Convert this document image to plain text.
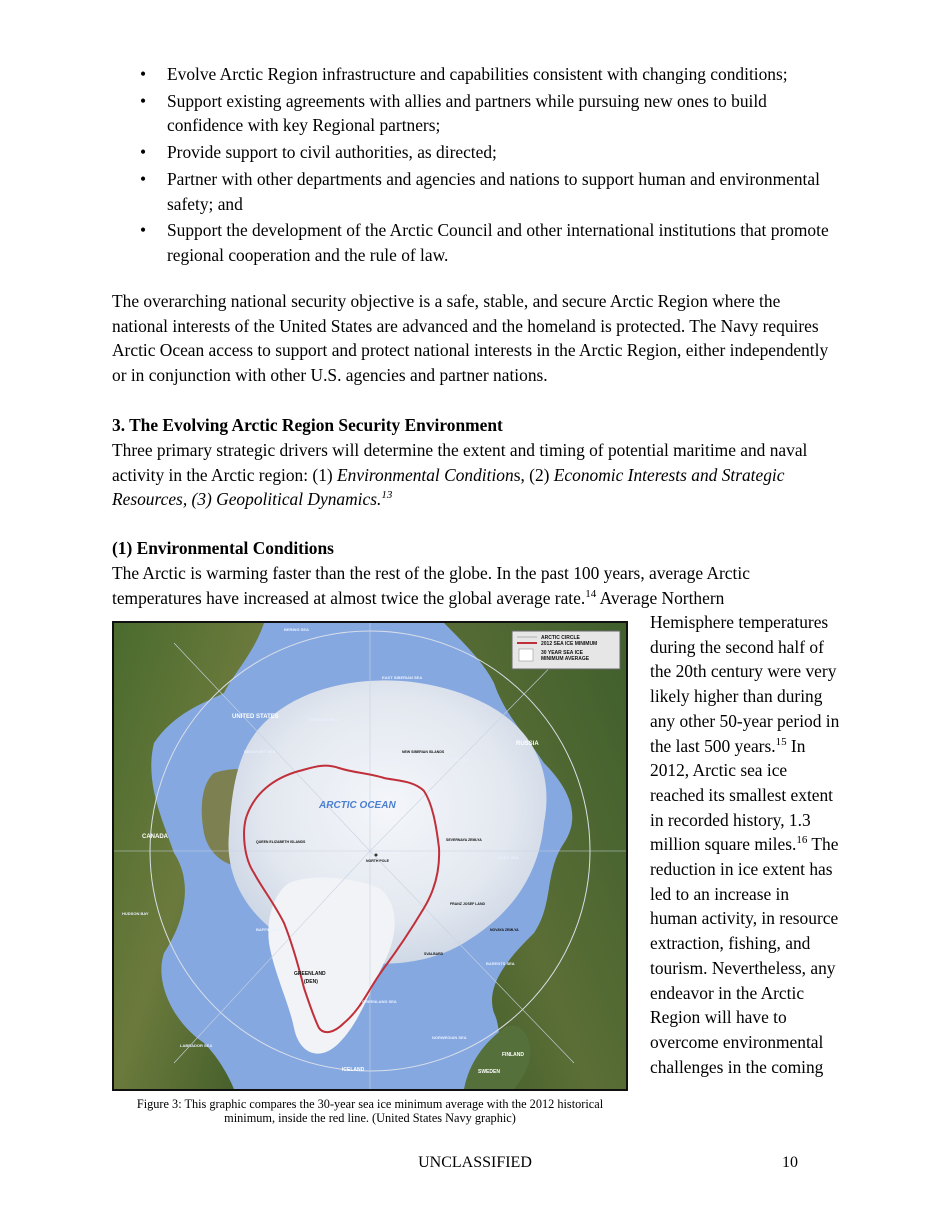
• Evolve Arctic Region infrastructure and capabilities consistent with changing conditions;
• Support existing agreements with allies and partners while pursuing new ones to build confidence with key Regional partners;
• Provide support to civil authorities, as directed;
• Partner with other departments and agencies and nations to support human and environmental safety; and
• Support the development of the Arctic Council and other international institutions that promote regional cooperation and the rule of law.

The overarching national security objective is a safe, stable, and secure Arctic Region where the national interests of the United States are advanced and the homeland is protected. The Navy requires Arctic Ocean access to support and protect national interests in the Arctic Region, either independently or in conjunction with other U.S. agencies and partner nations.

3. The Evolving Arctic Region Security Environment

Three primary strategic drivers will determine the extent and timing of potential maritime and naval activity in the Arctic region: (1) Environmental Conditions, (2) Economic Interests and Strategic Resources, (3) Geopolitical Dynamics.$^{13}$

(1) Environmental Conditions

The Arctic is warming faster than the rest of the globe. In the past 100 years, average Arctic temperatures have increased at almost twice the global average rate.$^{14}$ Average Northern

Hemisphere temperatures during the second half of the 20th century were very likely higher than during any other 50-year period in the last 500 years.$^{15}$ In 2012, Arctic sea ice reached its smallest extent in recorded history, 1.3 million square miles.$^{16}$ The reduction in ice extent has led to an increase in human activity, in resource extraction, fishing, and tourism. Nevertheless, any endeavor in the Arctic Region will have to overcome environmental challenges in the coming

ARCTIC CIRCLE
2012 SEA ICE MINIMUM
30 YEAR SEA ICE
MINIMUM AVERAGE
ARCTIC OCEAN
UNITED STATES
RUSSIA
CANADA
GREENLAND
(DEN)
ICELAND
FINLAND
SWEDEN
NORTH POLE
BERING SEA
CHUKCHI SEA
EAST SIBERIAN SEA
LAPTEV SEA
KARA SEA
BARENTS SEA
BEAUFORT SEA
BAFFIN BAY
HUDSON BAY
LABRADOR SEA
GREENLAND SEA
NORWEGIAN SEA
NEW SIBERIAN ISLANDS
QUEEN ELIZABETH ISLANDS	SEVERNAYA ZEMLYA
FRANZ JOSEF LAND
SVALBARD
NOVAYA ZEMLYA

Figure 3: This graphic compares the 30-year sea ice minimum average with the 2012 historical minimum, inside the red line. (United States Navy graphic)

UNCLASSIFIED	10
